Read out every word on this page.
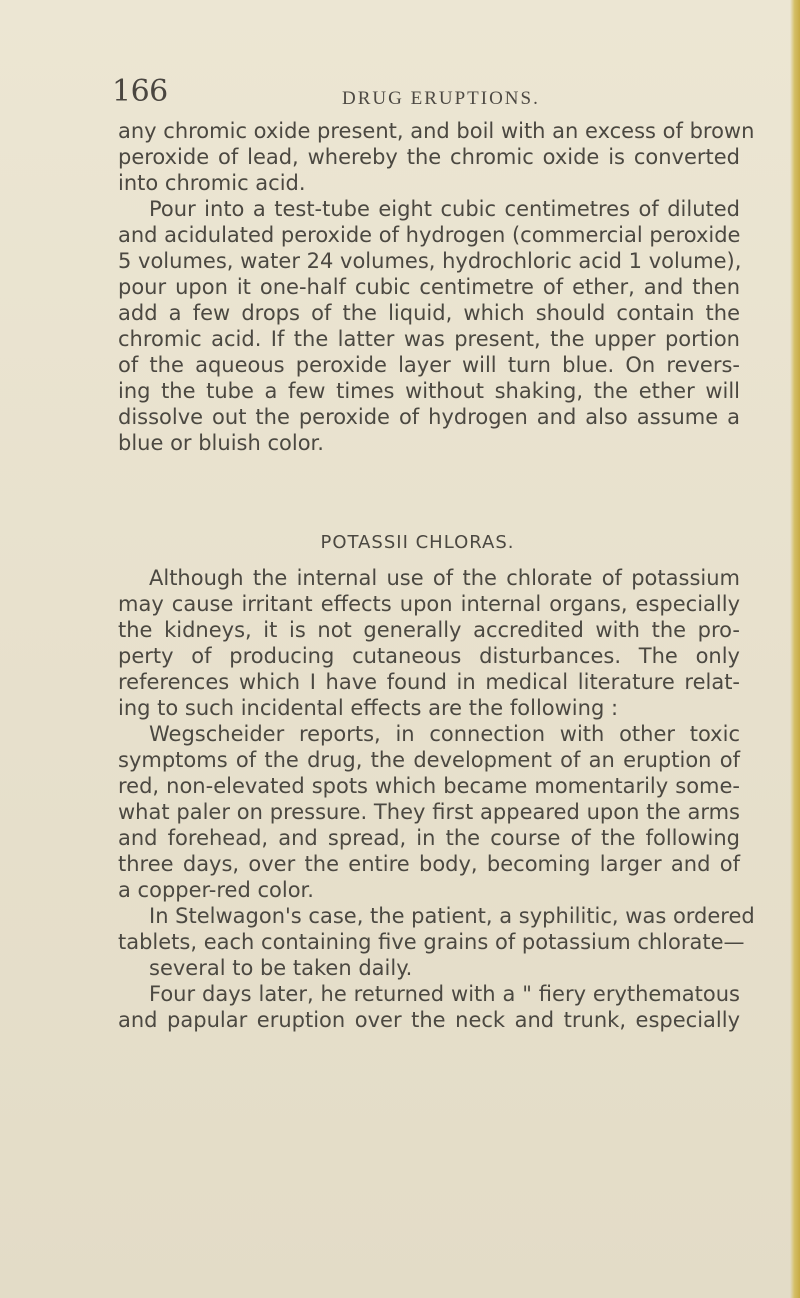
166	DRUG ERUPTIONS.
any chromic oxide present, and boil with an excess of brown
peroxide of lead, whereby the chromic oxide is converted
into chromic acid.
Pour into a test-tube eight cubic centimetres of diluted
and acidulated peroxide of hydrogen (commercial peroxide
5 volumes, water 24 volumes, hydrochloric acid 1 volume),
pour upon it one-half cubic centimetre of ether, and then
add a few drops of the liquid, which should contain the
chromic acid. If the latter was present, the upper portion
of the aqueous peroxide layer will turn blue. On revers-
ing the tube a few times without shaking, the ether will
dissolve out the peroxide of hydrogen and also assume a
blue or bluish color.
POTASSII CHLORAS.
Although the internal use of the chlorate of potassium
may cause irritant effects upon internal organs, especially
the kidneys, it is not generally accredited with the pro-
perty of producing cutaneous disturbances. The only
references which I have found in medical literature relat-
ing to such incidental effects are the following :
Wegscheider reports, in connection with other toxic
symptoms of the drug, the development of an eruption of
red, non-elevated spots which became momentarily some-
what paler on pressure. They first appeared upon the arms
and forehead, and spread, in the course of the following
three days, over the entire body, becoming larger and of
a copper-red color.
In Stelwagon's case, the patient, a syphilitic, was ordered
tablets, each containing five grains of potassium chlorate—
several to be taken daily.
Four days later, he returned with a " fiery erythematous
and papular eruption over the neck and trunk, especially
